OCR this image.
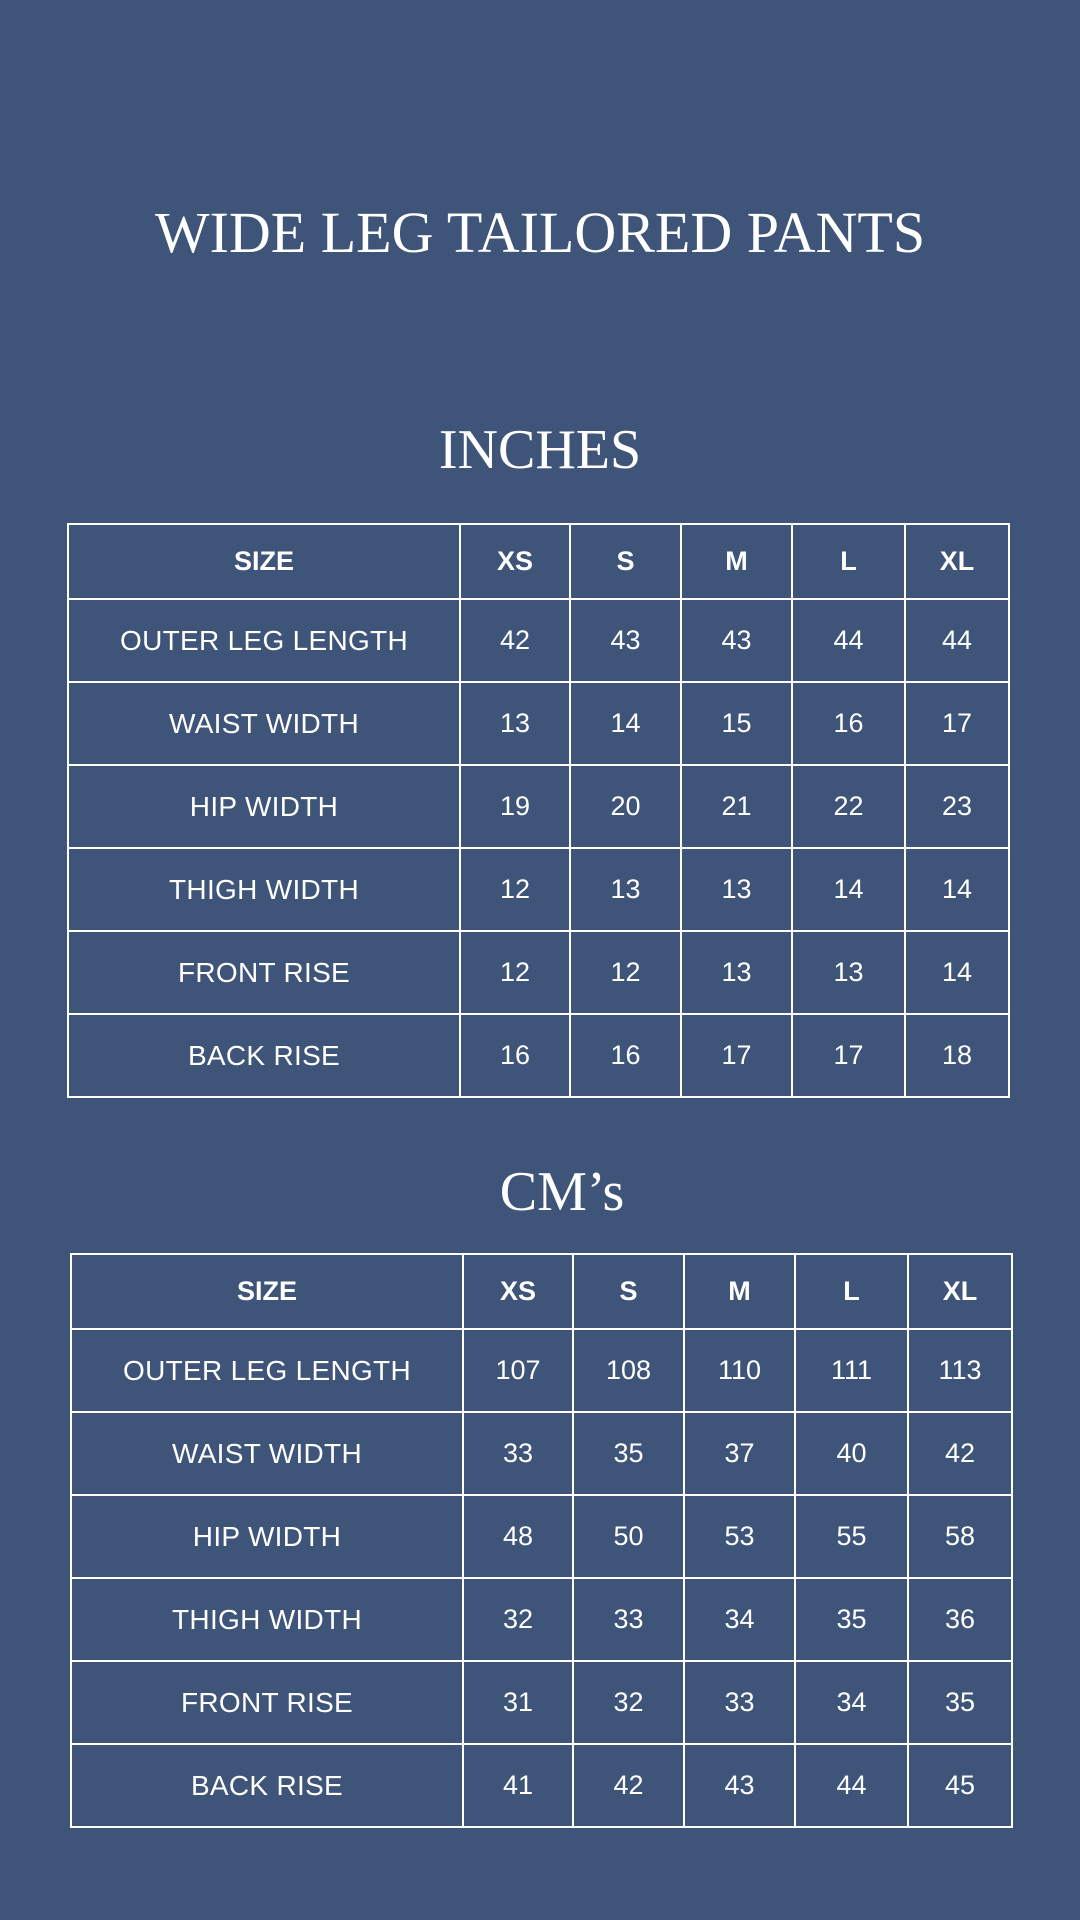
WIDE LEG TAILORED PANTS
INCHES
SIZE	XS	S	M	L	XL
OUTER LEG LENGTH	42	43	43	44	44
WAIST WIDTH	13	14	15	16	17
HIP WIDTH	19	20	21	22	23
THIGH WIDTH	12	13	13	14	14
FRONT RISE	12	12	13	13	14
BACK RISE	16	16	17	17	18
CM’s
SIZE	XS	S	M	L	XL
OUTER LEG LENGTH	107	108	110	111	113
WAIST WIDTH	33	35	37	40	42
HIP WIDTH	48	50	53	55	58
THIGH WIDTH	32	33	34	35	36
FRONT RISE	31	32	33	34	35
BACK RISE	41	42	43	44	45
